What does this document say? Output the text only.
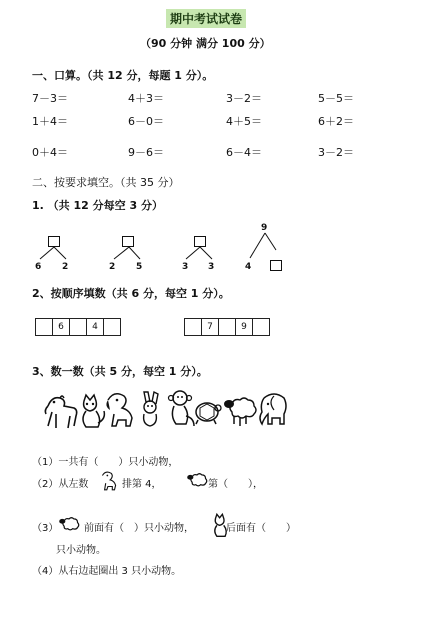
期中考试试卷
（90 分钟 满分 100 分）
一、口算。（共 12 分，每题 1 分）。
7－3＝	4＋3＝	3－2＝	5－5＝
1＋4＝	6－0＝	4＋5＝	6＋2＝
0＋4＝	9－6＝	6－4＝	3－2＝
二、按要求填空。（共 35 分）
1. （共 12 分每空 3 分）
6 2	2 5	3 3
9
4
2、按顺序填数（共 6 分，每空 1 分）。
6	4	7	9
3、数一数（共 5 分，每空 1 分）。
（1）一共有（　　）只小动物，
（2）从左数	排第 4，	第（　　），
（3）	前面有（　）只小动物，	后面有（　　）
只小动物。
（4）从右边起圈出 3 只小动物。
